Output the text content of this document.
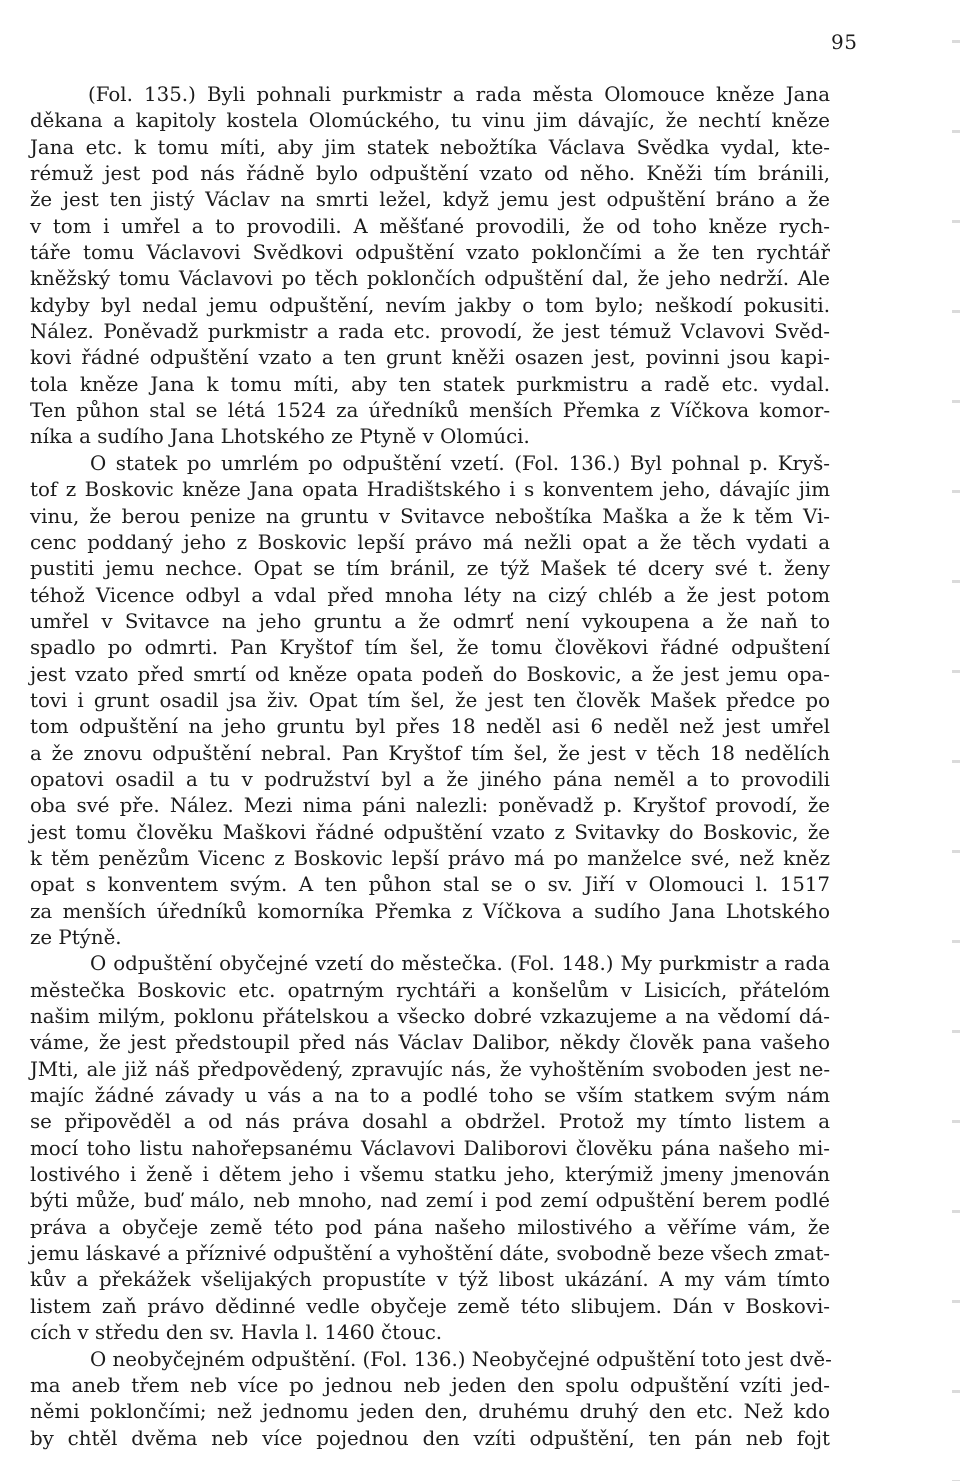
95
(Fol. 135.) Byli pohnali purkmistr a rada města Olomouce kněze Jana
děkana a kapitoly kostela Olomúckého, tu vinu jim dávajíc, že nechtí kněze
Jana etc. k tomu míti, aby jim statek nebožtíka Václava Svědka vydal, kte-
rémuž jest pod nás řádně bylo odpuštění vzato od něho. Kněži tím bránili,
že jest ten jistý Václav na smrti ležel, když jemu jest odpuštění bráno a že
v tom i umřel a to provodili. A měšťané provodili, že od toho kněze rych-
táře tomu Václavovi Svědkovi odpuštění vzato poklončími a že ten rychtář
kněžský tomu Václavovi po těch poklončích odpuštění dal, že jeho nedrží. Ale
kdyby byl nedal jemu odpuštění, nevím jakby o tom bylo; neškodí pokusiti.
Nález. Poněvadž purkmistr a rada etc. provodí, že jest témuž Vclavovi Svěd-
kovi řádné odpuštění vzato a ten grunt kněži osazen jest, povinni jsou kapi-
tola kněze Jana k tomu míti, aby ten statek purkmistru a radě etc. vydal.
Ten půhon stal se létá 1524 za úředníků menších Přemka z Víčkova komor-
níka a sudího Jana Lhotského ze Ptyně v Olomúci.
O statek po umrlém po odpuštění vzetí. (Fol. 136.) Byl pohnal p. Kryš-
tof z Boskovic kněze Jana opata Hradištského i s konventem jeho, dávajíc jim
vinu, že berou penize na gruntu v Svitavce neboštíka Maška a že k těm Vi-
cenc poddaný jeho z Boskovic lepší právo má nežli opat a že těch vydati a
pustiti jemu nechce. Opat se tím bránil, ze týž Mašek té dcery své t. ženy
téhož Vicence odbyl a vdal před mnoha léty na cizý chléb a že jest potom
umřel v Svitavce na jeho gruntu a že odmrť není vykoupena a že naň to
spadlo po odmrti. Pan Kryštof tím šel, že tomu člověkovi řádné odpuštení
jest vzato před smrtí od kněze opata podeň do Boskovic, a že jest jemu opa-
tovi i grunt osadil jsa živ. Opat tím šel, že jest ten člověk Mašek předce po
tom odpuštění na jeho gruntu byl přes 18 neděl asi 6 neděl než jest umřel
a že znovu odpuštění nebral. Pan Kryštof tím šel, že jest v těch 18 nedělích
opatovi osadil a tu v podružství byl a že jiného pána neměl a to provodili
oba své pře. Nález. Mezi nima páni nalezli: poněvadž p. Kryštof provodí, že
jest tomu člověku Maškovi řádné odpuštění vzato z Svitavky do Boskovic, že
k těm penězům Vicenc z Boskovic lepší právo má po manželce své, než kněz
opat s konventem svým. A ten půhon stal se o sv. Jiří v Olomouci l. 1517
za menších úředníků komorníka Přemka z Víčkova a sudího Jana Lhotského
ze Ptýně.
O odpuštění obyčejné vzetí do městečka. (Fol. 148.) My purkmistr a rada
městečka Boskovic etc. opatrným rychtáři a konšelům v Lisicích, přátelóm
našim milým, poklonu přátelskou a všecko dobré vzkazujeme a na vědomí dá-
váme, že jest předstoupil před nás Václav Dalibor, někdy člověk pana vašeho
JMti, ale již náš předpovědený, zpravujíc nás, že vyhoštěním svoboden jest ne-
majíc žádné závady u vás a na to a podlé toho se vším statkem svým nám
se připověděl a od nás práva dosahl a obdržel. Protož my tímto listem a
mocí toho listu nahořepsanému Václavovi Daliborovi člověku pána našeho mi-
lostivého i ženě i dětem jeho i všemu statku jeho, kterýmiž jmeny jmenován
býti může, buď málo, neb mnoho, nad zemí i pod zemí odpuštění berem podlé
práva a obyčeje země této pod pána našeho milostivého a věříme vám, že
jemu láskavé a příznivé odpuštění a vyhoštění dáte, svobodně beze všech zmat-
kův a překážek všelijakých propustíte v týž libost ukázání. A my vám tímto
listem zaň právo dědinné vedle obyčeje země této slibujem. Dán v Boskovi-
cích v středu den sv. Havla l. 1460 čtouc.
O neobyčejném odpuštění. (Fol. 136.) Neobyčejné odpuštění toto jest dvě-
ma aneb třem neb více po jednou neb jeden den spolu odpuštění vzíti jed-
němi poklončími; než jednomu jeden den, druhému druhý den etc. Než kdo
by chtěl dvěma neb více pojednou den vzíti odpuštění, ten pán neb fojt
